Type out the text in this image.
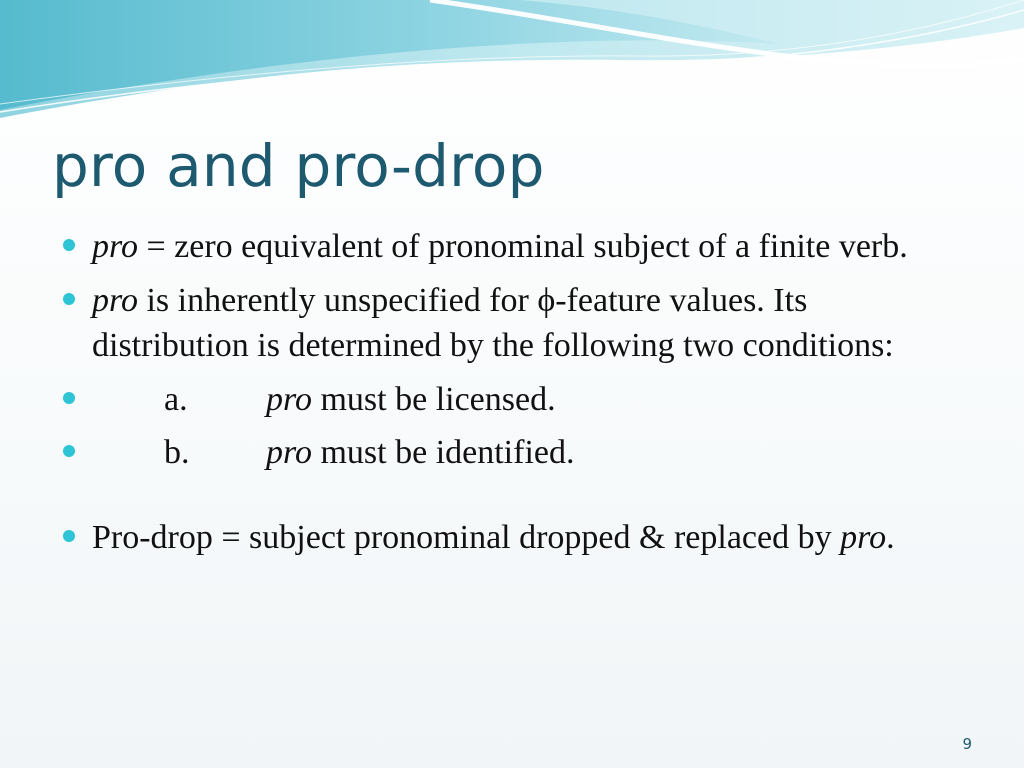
pro and pro-drop
pro = zero equivalent of pronominal subject of a finite verb.
pro is inherently unspecified for ϕ-feature values. Its distribution is determined by the following two conditions:
a. pro must be licensed.
b. pro must be identified.
Pro-drop = subject pronominal dropped & replaced by pro.
9
